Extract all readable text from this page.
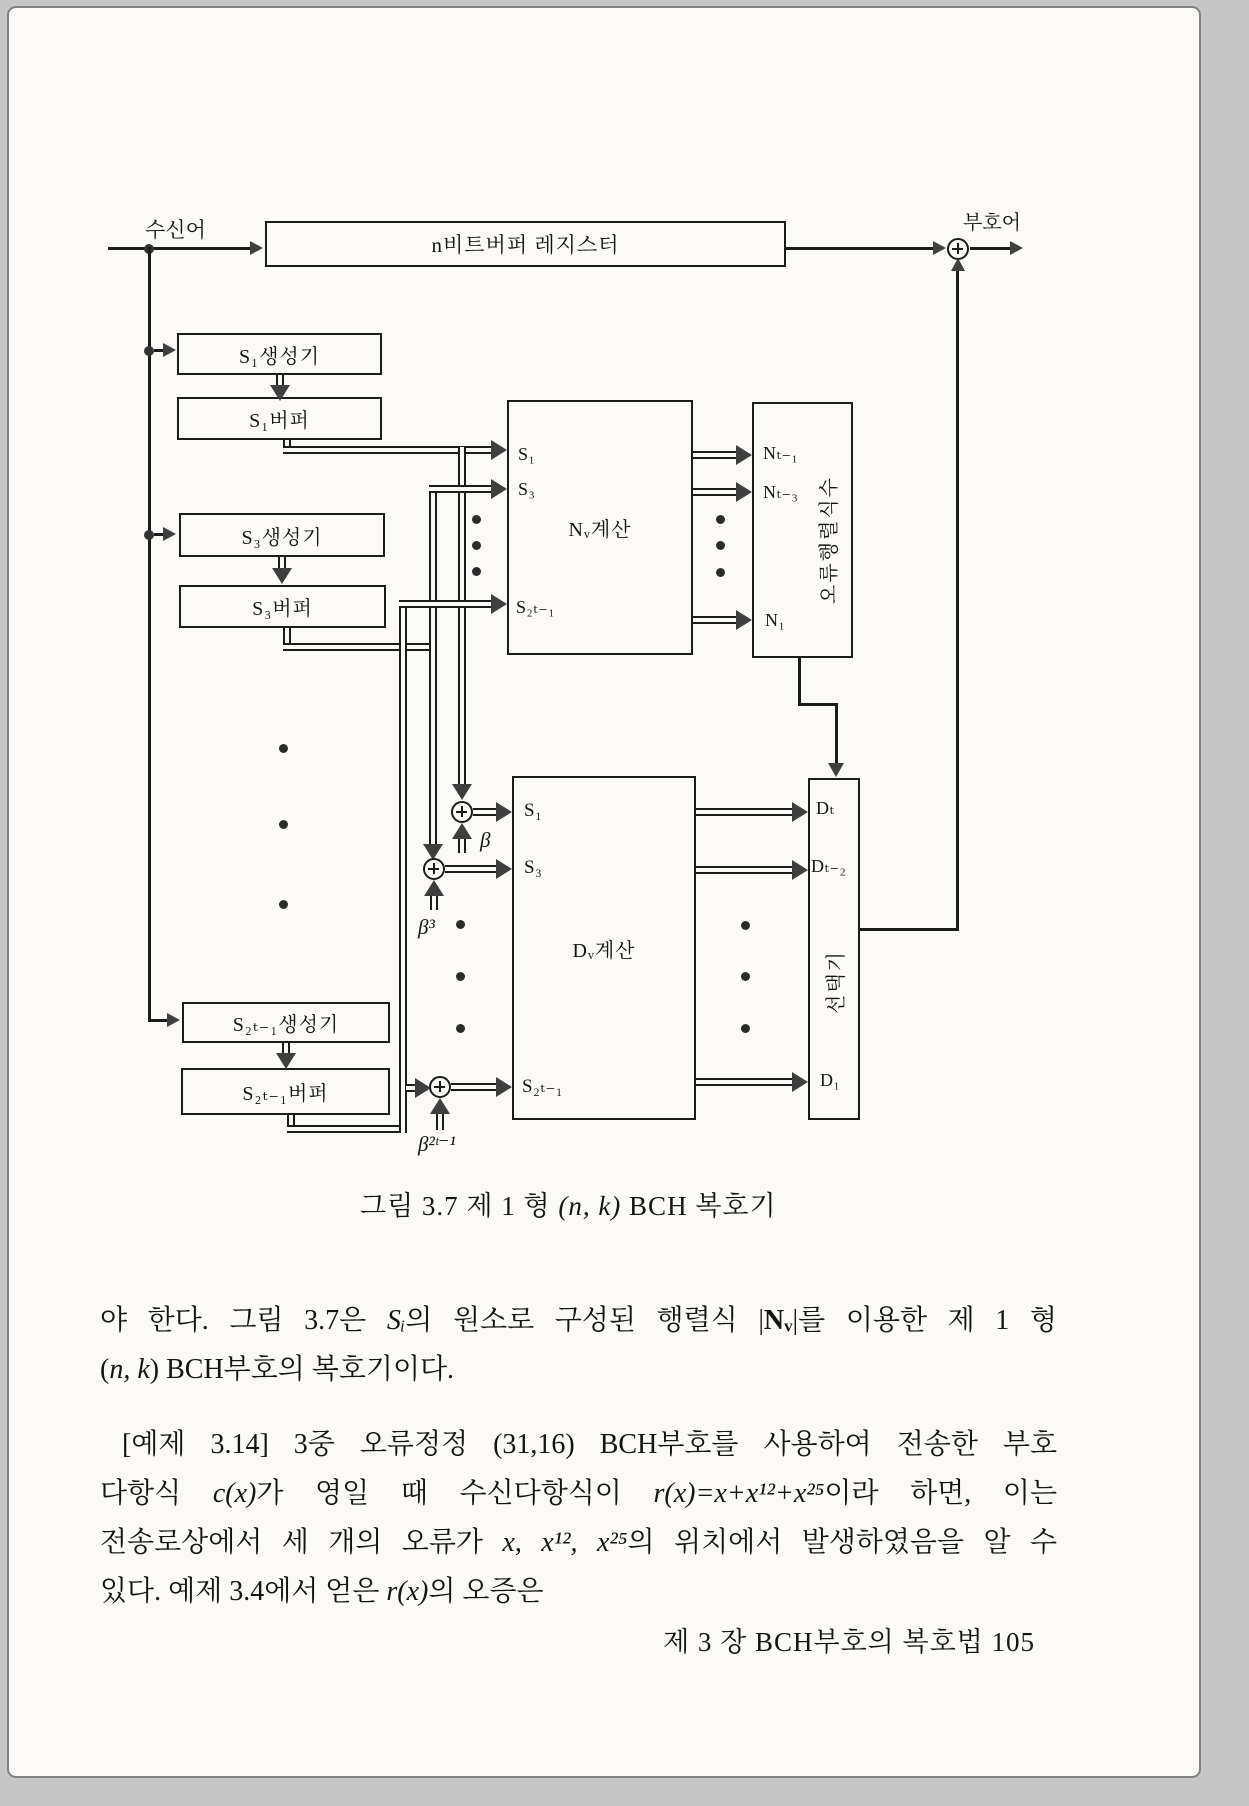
n비트버퍼 레지스터
S₁생성기
S₁버퍼
S₃생성기
S₃버퍼
S₂ₜ₋₁생성기
S₂ₜ₋₁버퍼
Nᵥ계산
Dᵥ계산
오류행렬식수
선택기
수신어	부호어
β
β³
β²ᵗ⁻¹
S₁
S₃
S₂ₜ₋₁
Nₜ₋₁
Nₜ₋₃
N₁
S₁
S₃
S₂ₜ₋₁
Dₜ
Dₜ₋₂
D₁
그림 3.7 제 1 형 (n, k) BCH 복호기
야 한다. 그림 3.7은 Sᵢ의 원소로 구성된 행렬식 |Nᵥ|를 이용한 제 1 형
(n, k) BCH부호의 복호기이다.
[예제 3.14] 3중 오류정정 (31,16) BCH부호를 사용하여 전송한 부호
다항식 c(x)가 영일 때 수신다항식이 r(x)=x+x¹²+x²⁵이라 하면, 이는
전송로상에서 세 개의 오류가 x, x¹², x²⁵의 위치에서 발생하였음을 알 수
있다. 예제 3.4에서 얻은 r(x)의 오증은
제 3 장 BCH부호의 복호법 105
